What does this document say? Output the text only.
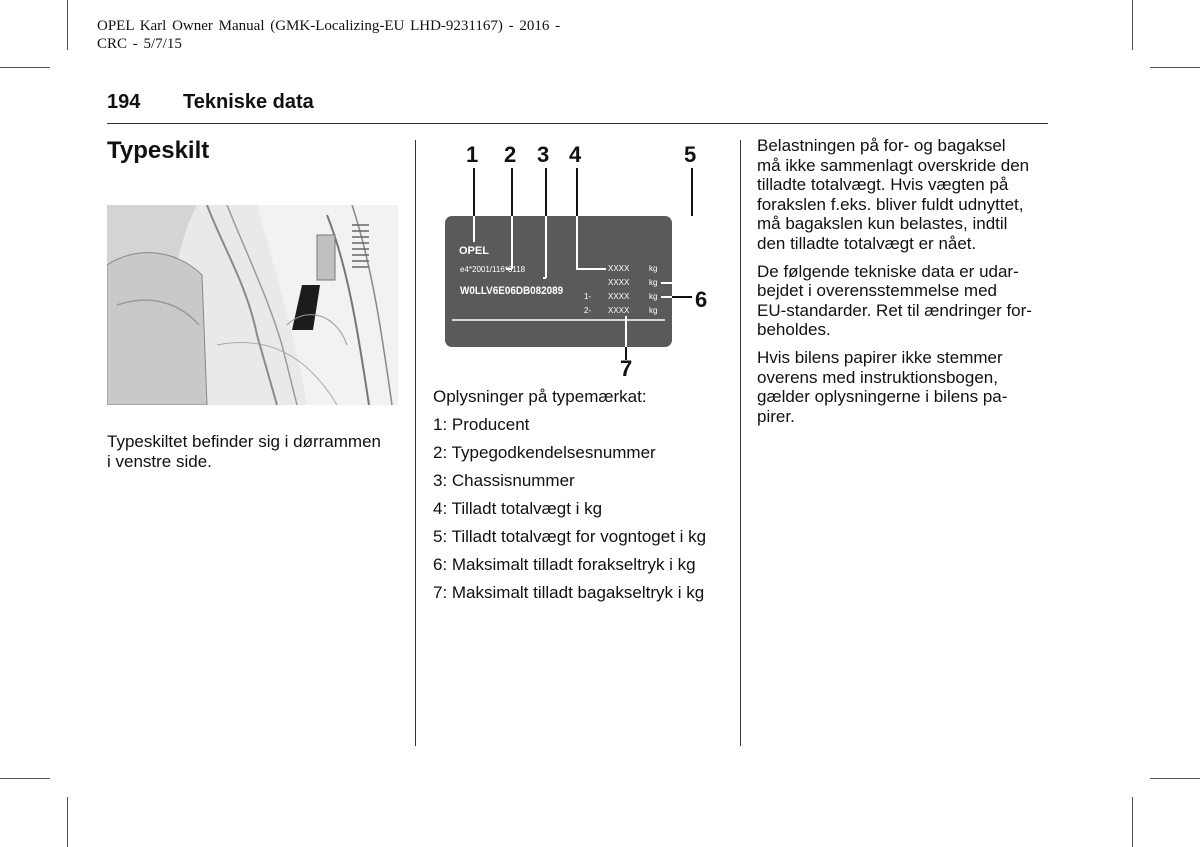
OPEL Karl Owner Manual (GMK-Localizing-EU LHD-9231167) - 2016 -
CRC - 5/7/15
194 Tekniske data
Typeskilt
Typeskiltet befinder sig i dørrammen
i venstre side.
1 2 3 4	5
6
7
OPEL
e4*2001/116*0118
W0LLV6E06DB082089
XXXX kg
XXXX kg
1- XXXX kg
2- XXXX kg
Oplysninger på typemærkat:
1: Producent
2: Typegodkendelsesnummer
3: Chassisnummer
4: Tilladt totalvægt i kg
5: Tilladt totalvægt for vogntoget i kg
6: Maksimalt tilladt forakseltryk i kg
7: Maksimalt tilladt bagakseltryk i kg

Belastningen på for- og bagaksel
må ikke sammenlagt overskride den
tilladte totalvægt. Hvis vægten på
forakslen f.eks. bliver fuldt udnyttet,
må bagakslen kun belastes, indtil
den tilladte totalvægt er nået.

De følgende tekniske data er udar-
bejdet i overensstemmelse med
EU-standarder. Ret til ændringer for-
beholdes.

Hvis bilens papirer ikke stemmer
overens med instruktionsbogen,
gælder oplysningerne i bilens pa-
pirer.
